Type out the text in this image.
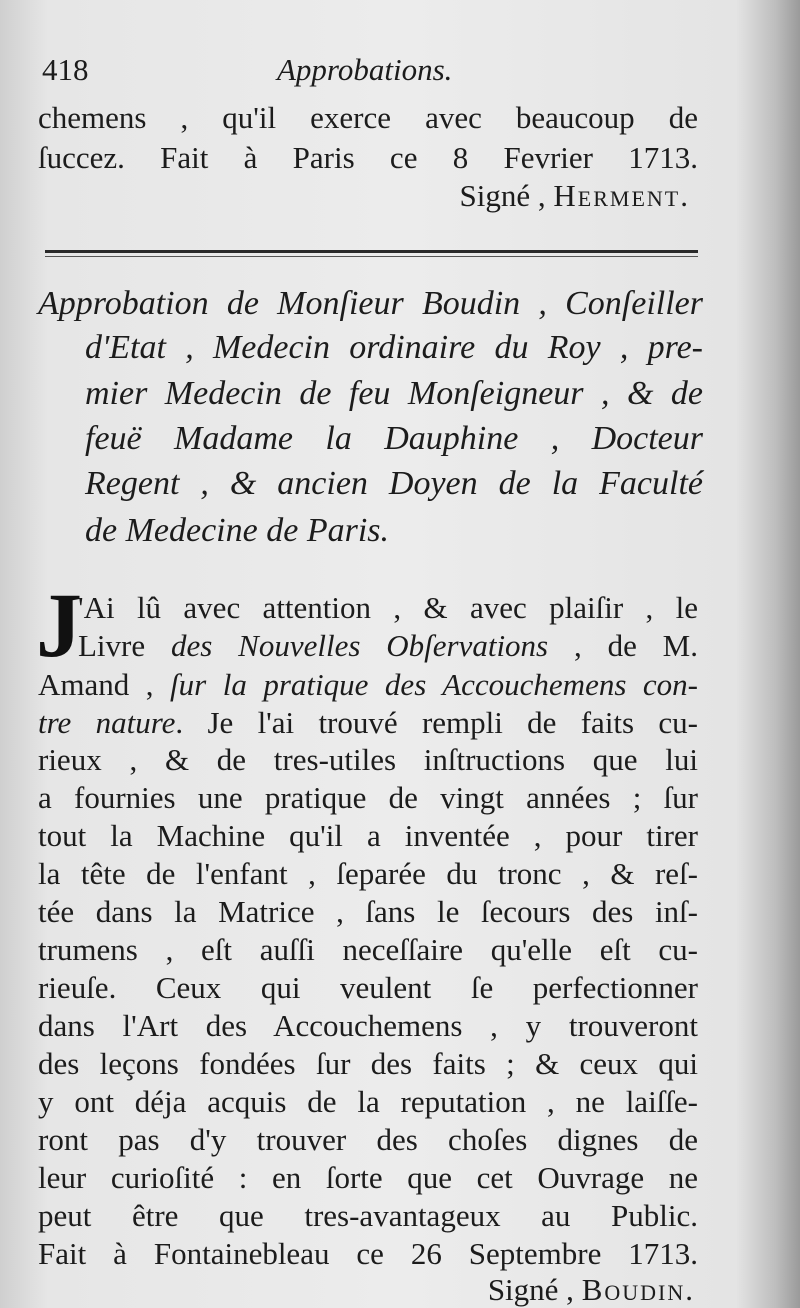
418	Approbations.

chemens , qu'il exerce avec beaucoup de

ſuccez. Fait à Paris ce 8 Fevrier 1713.

Signé , Herment.

Approbation de Monſieur Boudin , Conſeiller

d'Etat , Medecin ordinaire du Roy , pre-

mier Medecin de feu Monſeigneur , & de

feuë Madame la Dauphine , Docteur

Regent , & ancien Doyen de la Faculté

de Medecine de Paris.

J

'Ai lû avec attention , & avec plaiſir , le

Livre des Nouvelles Obſervations , de M.

Amand , ſur la pratique des Accouchemens con-

tre nature. Je l'ai trouvé rempli de faits cu-

rieux , & de tres-utiles inſtructions que lui

a fournies une pratique de vingt années ; ſur

tout la Machine qu'il a inventée , pour tirer

la tête de l'enfant , ſeparée du tronc , & reſ-

tée dans la Matrice , ſans le ſecours des inſ-

trumens , eſt auſſi neceſſaire qu'elle eſt cu-

rieuſe. Ceux qui veulent ſe perfectionner

dans l'Art des Accouchemens , y trouveront

des leçons fondées ſur des faits ; & ceux qui

y ont déja acquis de la reputation , ne laiſſe-

ront pas d'y trouver des choſes dignes de

leur curioſité : en ſorte que cet Ouvrage ne

peut être que tres-avantageux au Public.

Fait à Fontainebleau ce 26 Septembre 1713.

Signé , Boudin.
